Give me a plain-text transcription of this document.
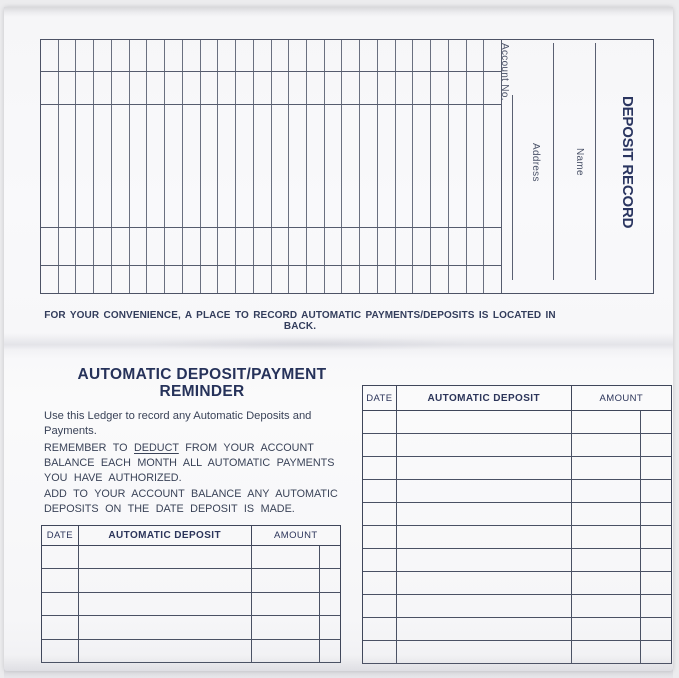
Account No.
Address	Name DEPOSIT RECORD
FOR YOUR CONVENIENCE, A PLACE TO RECORD AUTOMATIC PAYMENTS/DEPOSITS IS LOCATED IN BACK.
AUTOMATIC DEPOSIT/PAYMENT
REMINDER
Use this Ledger to record any Automatic Deposits and
Payments.
REMEMBER TO DEDUCT FROM YOUR ACCOUNT
BALANCE EACH MONTH ALL AUTOMATIC PAYMENTS
YOU HAVE AUTHORIZED.
ADD TO YOUR ACCOUNT BALANCE ANY AUTOMATIC
DEPOSITS ON THE DATE DEPOSIT IS MADE.
DATE	AUTOMATIC DEPOSIT	AMOUNT
DATE	AUTOMATIC DEPOSIT	AMOUNT
